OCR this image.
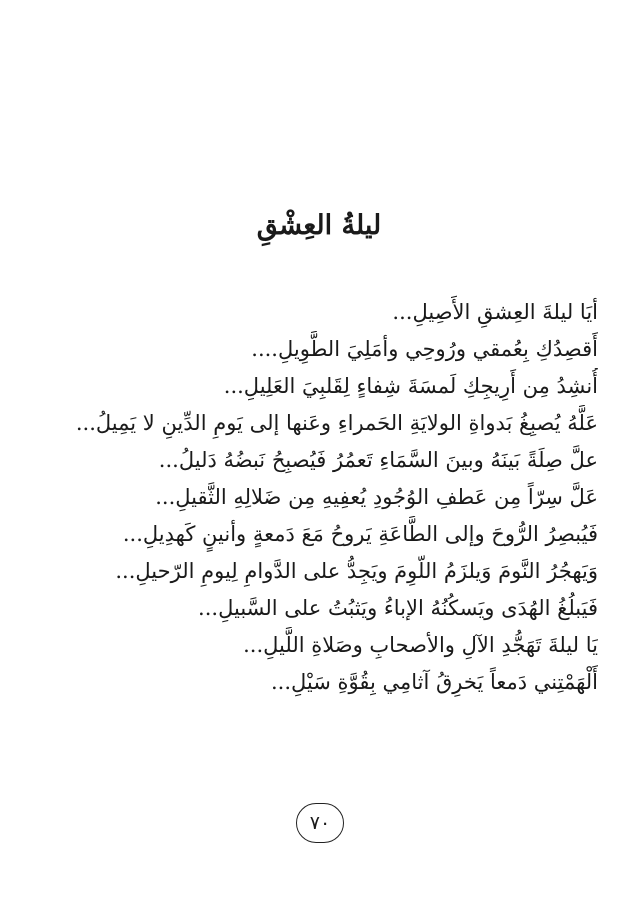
ليلةُ العِشْقِ
أيَا ليلةَ العِشقِ الأَصِيلِ...
أَقصِدُكِ بِعُمقي ورُوحِي وأمَلِيَ الطَّوِيلِ....
أُنشِدُ مِن أَرِيجِكِ لَمسَةَ شِفاءٍ لِقَلبِيَ العَلِيلِ...
عَلَّهُ يُصبِغُ بَدواةِ الولايَةِ الحَمراءِ وعَنها إلى يَومِ الدِّينِ لا يَمِيلُ...
علَّ صِلَةً بَينَهُ وبينَ السَّمَاءِ تَعمُرُ فَيُصبِحُ نَبضُهُ دَليلُ...
عَلَّ سِرّاً مِن عَطفِ الوُجُودِ يُعفِيهِ مِن ضَلالِهِ الثَّقيلِ...
فَيُبصِرُ الرُّوحَ وإلى الطَّاعَةِ يَروحُ مَعَ دَمعةٍ وأنينٍ كَهدِيلِ...
وَيَهجُرُ النَّومَ وَيلزَمُ اللّوِمَ ويَجِدُّ على الدَّوامِ لِيومِ الرّحيلِ...
فَيَبلُغُ الهُدَى ويَسكُنُهُ الإباءُ ويَثبُتُ على السَّبيلِ...
يَا ليلةَ تَهَجُّدِ الآلِ والأصحابِ وصَلاةِ اللَّيلِ...
أَلْهَمْتِني دَمعاً يَخرِقُ آثامِي بِقُوَّةِ سَيْلِ...
٧٠
